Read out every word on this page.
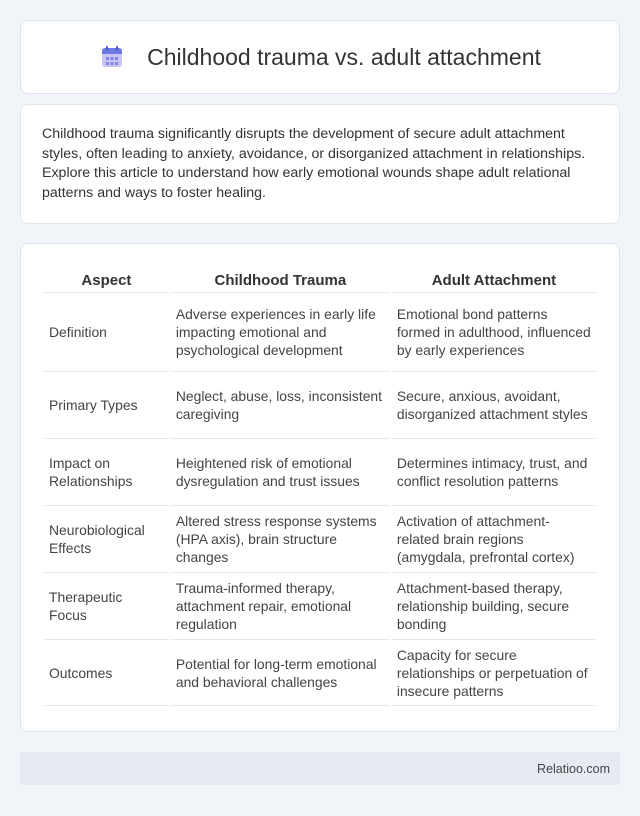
Childhood trauma vs. adult attachment

Childhood trauma significantly disrupts the development of secure adult attachment styles, often leading to anxiety, avoidance, or disorganized attachment in relationships. Explore this article to understand how early emotional wounds shape adult relational patterns and ways to foster healing.

Aspect	Childhood Trauma	Adult Attachment
Definition	Adverse experiences in early life impacting emotional and psychological development	Emotional bond patterns formed in adulthood, influenced by early experiences
Primary Types	Neglect, abuse, loss, inconsistent caregiving	Secure, anxious, avoidant, disorganized attachment styles
Impact on Relationships	Heightened risk of emotional dysregulation and trust issues	Determines intimacy, trust, and conflict resolution patterns
Neurobiological Effects	Altered stress response systems (HPA axis), brain structure changes	Activation of attachment-related brain regions (amygdala, prefrontal cortex)
Therapeutic Focus	Trauma-informed therapy, attachment repair, emotional regulation	Attachment-based therapy, relationship building, secure bonding
Outcomes	Potential for long-term emotional and behavioral challenges	Capacity for secure relationships or perpetuation of insecure patterns
Relatioo.com
